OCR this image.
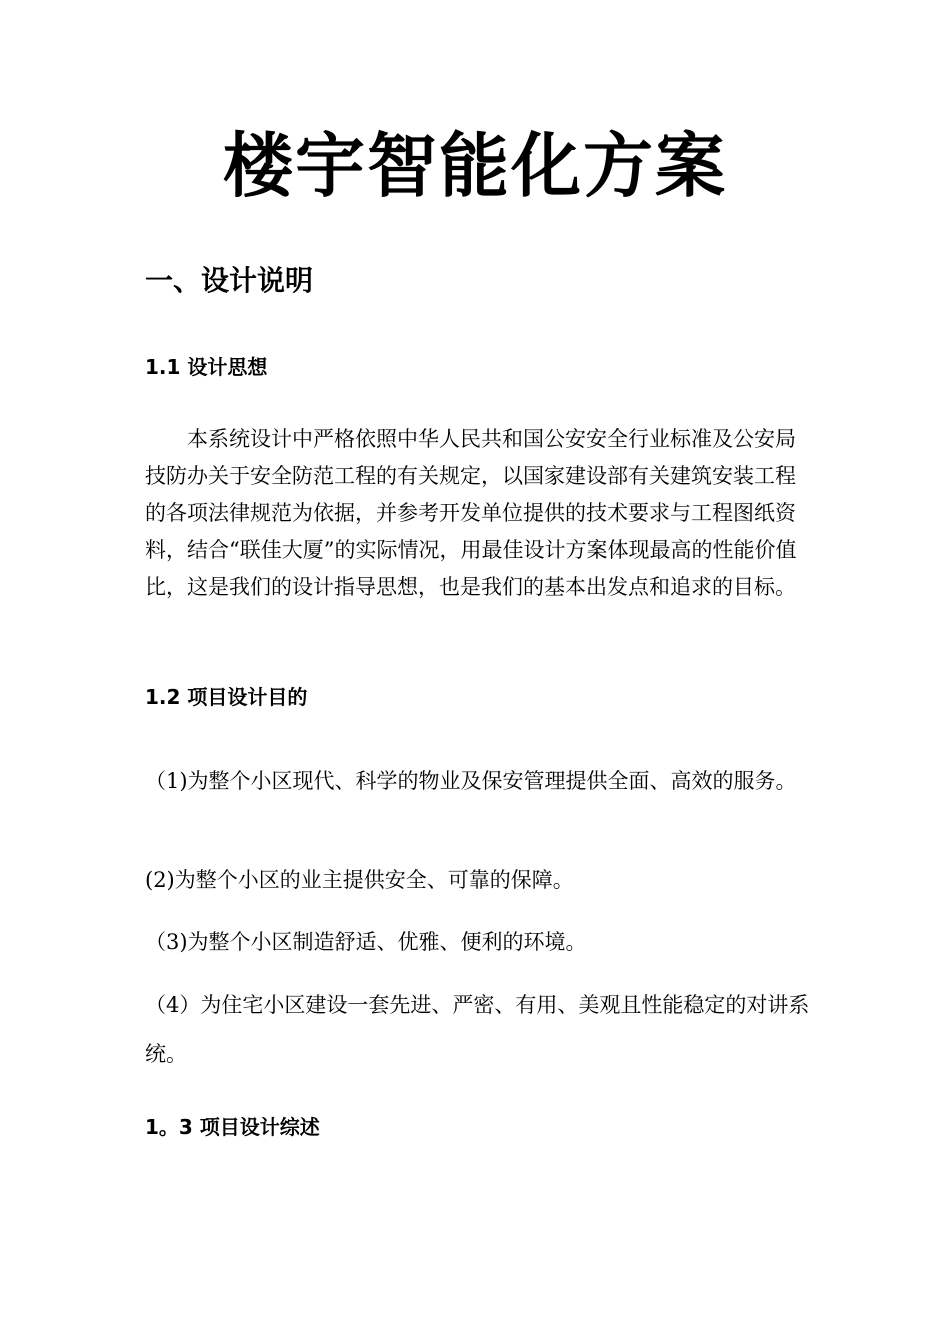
楼宇智能化方案
一、设计说明
1.1 设计思想

本系统设计中严格依照中华人民共和国公安安全行业标准及公安局技防办关于安全防范工程的有关规定，以国家建设部有关建筑安装工程的各项法律规范为依据，并参考开发单位提供的技术要求与工程图纸资料，结合“联佳大厦”的实际情况，用最佳设计方案体现最高的性能价值比，这是我们的设计指导思想，也是我们的基本出发点和追求的目标。

1.2 项目设计目的

（1)为整个小区现代、科学的物业及保安管理提供全面、高效的服务。

(2)为整个小区的业主提供安全、可靠的保障。

（3)为整个小区制造舒适、优雅、便利的环境。

（4）为住宅小区建设一套先进、严密、有用、美观且性能稳定的对讲系统。

1。3 项目设计综述
